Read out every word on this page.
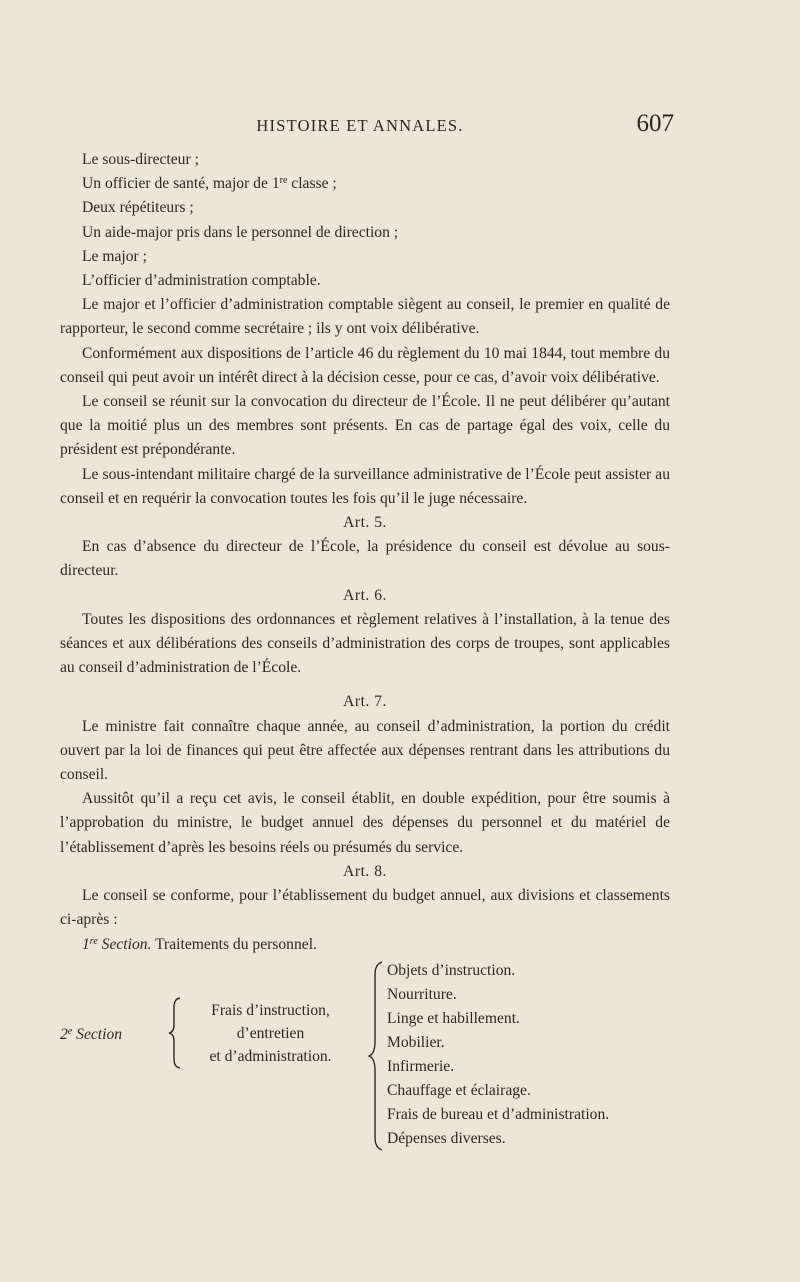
HISTOIRE ET ANNALES.	607

Le sous-directeur ;

Un officier de santé, major de 1re classe ;

Deux répétiteurs ;

Un aide-major pris dans le personnel de direction ;

Le major ;

L’officier d’administration comptable.

Le major et l’officier d’administration comptable siègent au conseil, le premier en qualité de rapporteur, le second comme secrétaire ; ils y ont voix délibérative.

Conformément aux dispositions de l’article 46 du règlement du 10 mai 1844, tout membre du conseil qui peut avoir un intérêt direct à la décision cesse, pour ce cas, d’avoir voix délibérative.

Le conseil se réunit sur la convocation du directeur de l’École. Il ne peut délibérer qu’autant que la moitié plus un des membres sont présents. En cas de partage égal des voix, celle du président est prépondérante.

Le sous-intendant militaire chargé de la surveillance administrative de l’École peut assister au conseil et en requérir la convocation toutes les fois qu’il le juge nécessaire.

Art. 5.

En cas d’absence du directeur de l’École, la présidence du conseil est dévolue au sous-directeur.

Art. 6.

Toutes les dispositions des ordonnances et règlement relatives à l’installation, à la tenue des séances et aux délibérations des conseils d’administration des corps de troupes, sont applicables au conseil d’administration de l’École.

Art. 7.

Le ministre fait connaître chaque année, au conseil d’administration, la portion du crédit ouvert par la loi de finances qui peut être affectée aux dépenses rentrant dans les attributions du conseil.

Aussitôt qu’il a reçu cet avis, le conseil établit, en double expédition, pour être soumis à l’approbation du ministre, le budget annuel des dépenses du personnel et du matériel de l’établissement d’après les besoins réels ou présumés du service.

Art. 8.

Le conseil se conforme, pour l’établissement du budget annuel, aux divisions et classements ci-après :

1re Section. Traitements du personnel.

2e Section
Frais d’instruction,
d’entretien
et d’administration.
Objets d’instruction.
Nourriture.
Linge et habillement.
Mobilier.
Infirmerie.
Chauffage et éclairage.
Frais de bureau et d’administration.
Dépenses diverses.
